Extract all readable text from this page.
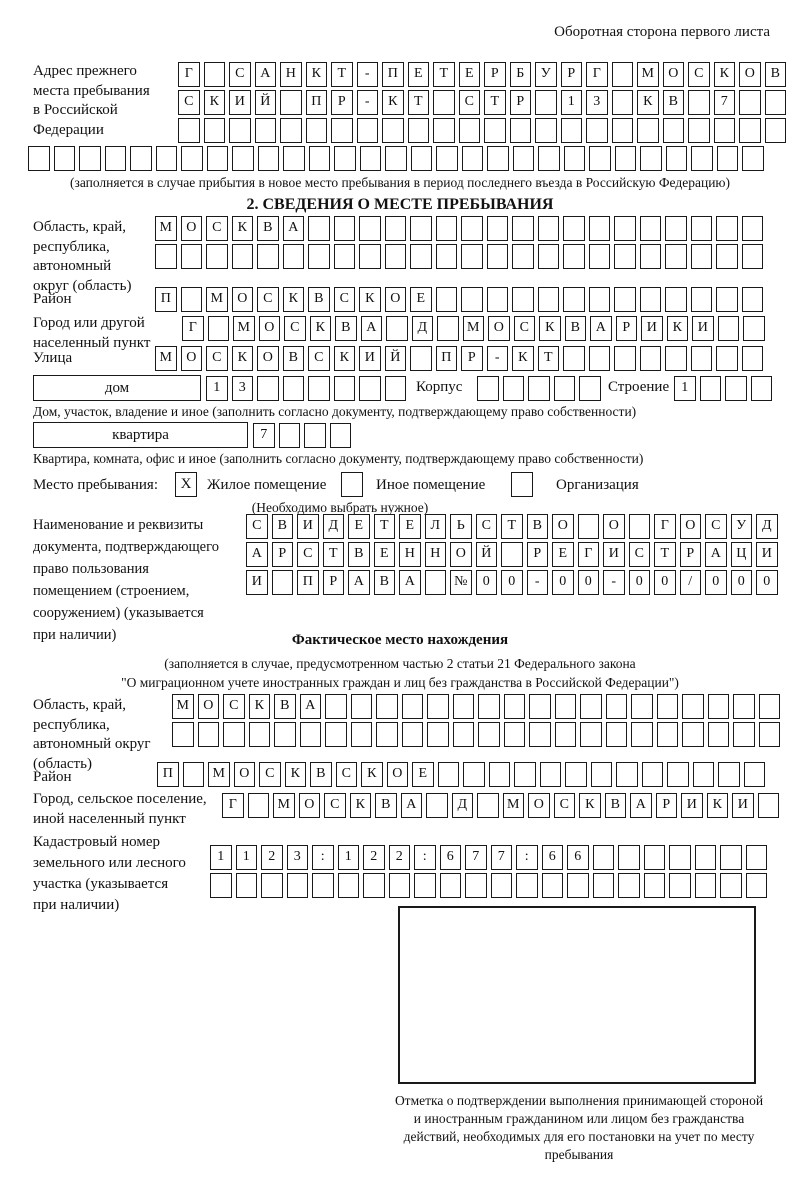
Оборотная сторона первого листа
Адрес прежнего
места пребывания
в Российской
Федерации
Г	С	А	Н	К	Т	-	П	Е	Т	Е	Р	Б	У	Р	Г	М	О	С	К	О	В
С	К	И	Й	П	Р	-	К	Т	С	Т	Р	1	3	К	В	7
(заполняется в случае прибытия в новое место пребывания в период последнего въезда в Российскую Федерацию)
2. СВЕДЕНИЯ О МЕСТЕ ПРЕБЫВАНИЯ
Область, край,
республика,
автономный
округ (область)
М	О	С	К	В	А
Район	П	М	О	С	К	В	С	К	О	Е
Город или другой
населенный пункт
Г	М	О	С	К	В	А	Д	М	О	С	К	В	А	Р	И	К	И
Улица	М	О	С	К	О	В	С	К	И	Й	П	Р	-	К	Т
дом	1	3	Корпус	Строение 1
Дом, участок, владение и иное (заполнить согласно документу, подтверждающему право собственности)
квартира	7
Квартира, комната, офис и иное (заполнить согласно документу, подтверждающему право собственности)
Место пребывания:	X	Жилое помещение	Иное помещение	Организация
(Необходимо выбрать нужное)
Наименование и реквизиты
документа, подтверждающего
право пользования
помещением (строением,
сооружением) (указывается
при наличии)
С	В	И	Д	Е	Т	Е	Л	Ь	С	Т	В	О	О	Г	О	С	У	Д
А	Р	С	Т	В	Е	Н	Н	О	Й	Р	Е	Г	И	С	Т	Р	А	Ц	И
И	П	Р	А	В	А	№	0	0	-	0	0	-	0	0	/	0	0	0
Фактическое место нахождения
(заполняется в случае, предусмотренном частью 2 статьи 21 Федерального закона
"О миграционном учете иностранных граждан и лиц без гражданства в Российской Федерации")
Область, край,
республика,
автономный округ
(область)
М	О	С	К	В	А
Район	П	М	О	С	К	В	С	К	О	Е
Город, сельское поселение,
иной населенный пункт
Г	М	О	С	К	В	А	Д	М	О	С	К	В	А	Р	И	К	И
Кадастровый номер
земельного или лесного
участка (указывается
при наличии)
1	1	2	3	:	1	2	2	:	6	7	7	:	6	6
Отметка о подтверждении выполнения принимающей стороной и иностранным гражданином или лицом без гражданства действий, необходимых для его постановки на учет по месту пребывания
